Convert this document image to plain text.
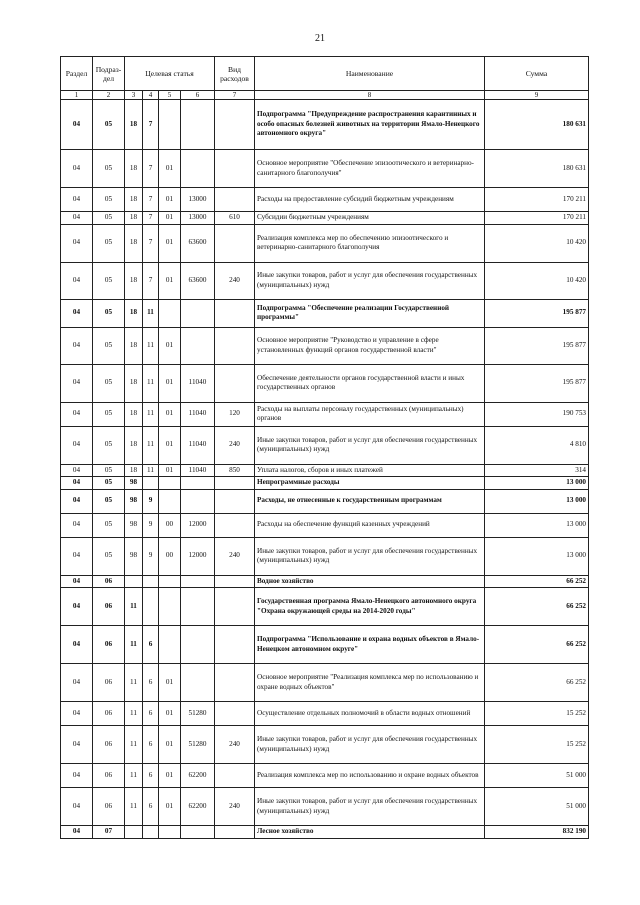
21
Раздел	Подраз-дел	Целевая статья				Вид расходов	Наименование	Сумма
1	2	3	4	5	6	7	8	9
04	05	18	7				Подпрограмма "Предупреждение распространения карантинных и особо опасных болезней животных на территории Ямало-Ненецкого автономного округа"	180 631
04	05	18	7	01			Основное мероприятие "Обеспечение эпизоотического и ветеринарно-санитарного благополучия"	180 631
04	05	18	7	01	13000		Расходы на предоставление субсидий бюджетным учреждениям	170 211
04	05	18	7	01	13000	610	Субсидии бюджетным учреждениям	170 211
04	05	18	7	01	63600		Реализация комплекса мер по обеспечению эпизоотического и ветеринарно-санитарного благополучия	10 420
04	05	18	7	01	63600	240	Иные закупки товаров, работ и услуг для обеспечения государственных (муниципальных) нужд	10 420
04	05	18	11				Подпрограмма "Обеспечение реализации Государственной программы"	195 877
04	05	18	11	01			Основное мероприятие "Руководство и управление в сфере установленных функций органов государственной власти"	195 877
04	05	18	11	01	11040		Обеспечение деятельности органов государственной власти и иных государственных органов	195 877
04	05	18	11	01	11040	120	Расходы на выплаты персоналу государственных (муниципальных) органов	190 753
04	05	18	11	01	11040	240	Иные закупки товаров, работ и услуг для обеспечения государственных (муниципальных) нужд	4 810
04	05	18	11	01	11040	850	Уплата налогов, сборов и иных платежей	314
04	05	98					Непрограммные расходы	13 000
04	05	98	9				Расходы, не отнесенные к государственным программам	13 000
04	05	98	9	00	12000		Расходы на обеспечение функций казенных учреждений	13 000
04	05	98	9	00	12000	240	Иные закупки товаров, работ и услуг для обеспечения государственных (муниципальных) нужд	13 000
04	06						Водное хозяйство	66 252
04	06	11					Государственная программа Ямало-Ненецкого автономного округа "Охрана окружающей среды на 2014-2020 годы"	66 252
04	06	11	6				Подпрограмма "Использование и охрана водных объектов в Ямало-Ненецком автономном округе"	66 252
04	06	11	6	01			Основное мероприятие "Реализация комплекса мер по использованию и охране водных объектов"	66 252
04	06	11	6	01	51280		Осуществление отдельных полномочий в области водных отношений	15 252
04	06	11	6	01	51280	240	Иные закупки товаров, работ и услуг для обеспечения государственных (муниципальных) нужд	15 252
04	06	11	6	01	62200		Реализация комплекса мер по использованию и охране водных объектов	51 000
04	06	11	6	01	62200	240	Иные закупки товаров, работ и услуг для обеспечения государственных (муниципальных) нужд	51 000
04	07						Лесное хозяйство	832 190
